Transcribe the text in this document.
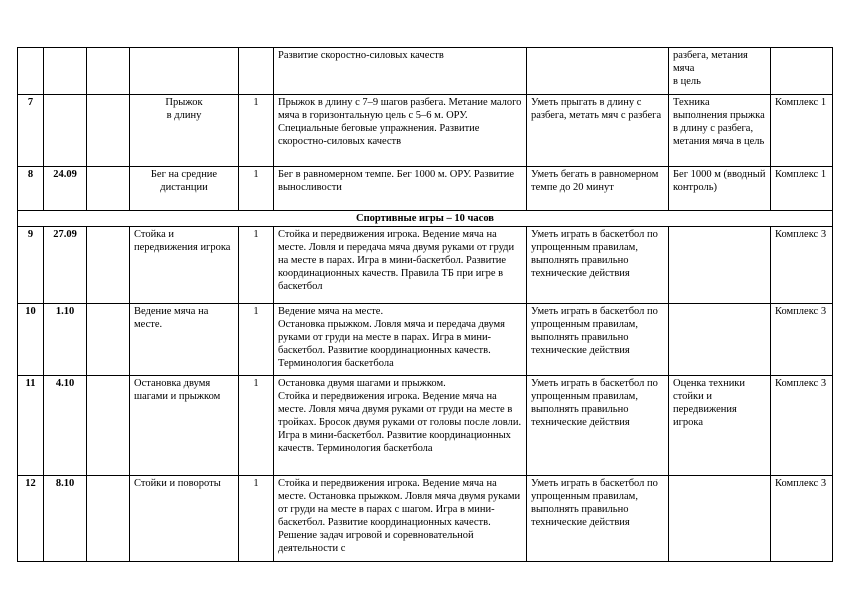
					Развитие скоростно-силовых качеств		разбега, метания мяча
в цель	

7			Прыжок
в длину	1	Прыжок в длину с 7–9 шагов разбега. Метание малого мяча в горизонтальную цель с 5–6 м. ОРУ. Специальные беговые упражнения. Развитие скоростно-силовых качеств	Уметь прыгать в длину с разбега, метать мяч с разбега	Техника выполнения прыжка в длину с разбега, метания мяча в цель	Комплекс 1
8	24.09		Бег на средние дистанции	1	Бег в равномерном темпе. Бег 1000 м. ОРУ. Развитие выносливости	Уметь бегать в равномерном темпе до 20 минут	Бег 1000 м (вводный контроль)	Комплекс 1
Спортивные игры – 10 часов								
9	27.09		Стойка и передвижения игрока	1	Стойка и передвижения игрока. Ведение мяча на месте. Ловля и передача мяча двумя руками от груди на месте в парах. Игра в мини-баскетбол. Развитие координационных качеств. Правила ТБ при игре в баскетбол	Уметь играть в баскетбол по упрощенным правилам, выполнять правильно технические действия		Комплекс 3
10	1.10		Ведение мяча на месте.	1	Ведение мяча на месте.
Остановка прыжком. Ловля мяча и передача двумя руками от груди на месте в парах. Игра в мини-баскетбол. Развитие координационных качеств. Терминология баскетбола	Уметь играть в баскетбол по упрощенным правилам, выполнять правильно технические действия		Комплекс 3
11	4.10		Остановка двумя шагами и прыжком	1	Остановка двумя шагами и прыжком.
Стойка и передвижения игрока. Ведение мяча на месте. Ловля мяча двумя руками от груди на месте в тройках. Бросок двумя руками от головы после ловли. Игра в мини-баскетбол. Развитие координационных качеств. Терминология баскетбола	Уметь играть в баскетбол по упрощенным правилам, выполнять правильно технические действия	Оценка техники стойки и передвижения игрока	Комплекс 3
12	8.10		Стойки и повороты	1	Стойка и передвижения игрока. Ведение мяча на месте. Остановка прыжком. Ловля мяча двумя руками от груди на месте в парах с шагом. Игра в мини-баскетбол. Развитие координационных качеств. Решение задач игровой и соревновательной деятельности с	Уметь играть в баскетбол по упрощенным правилам, выполнять правильно технические действия		Комплекс 3
